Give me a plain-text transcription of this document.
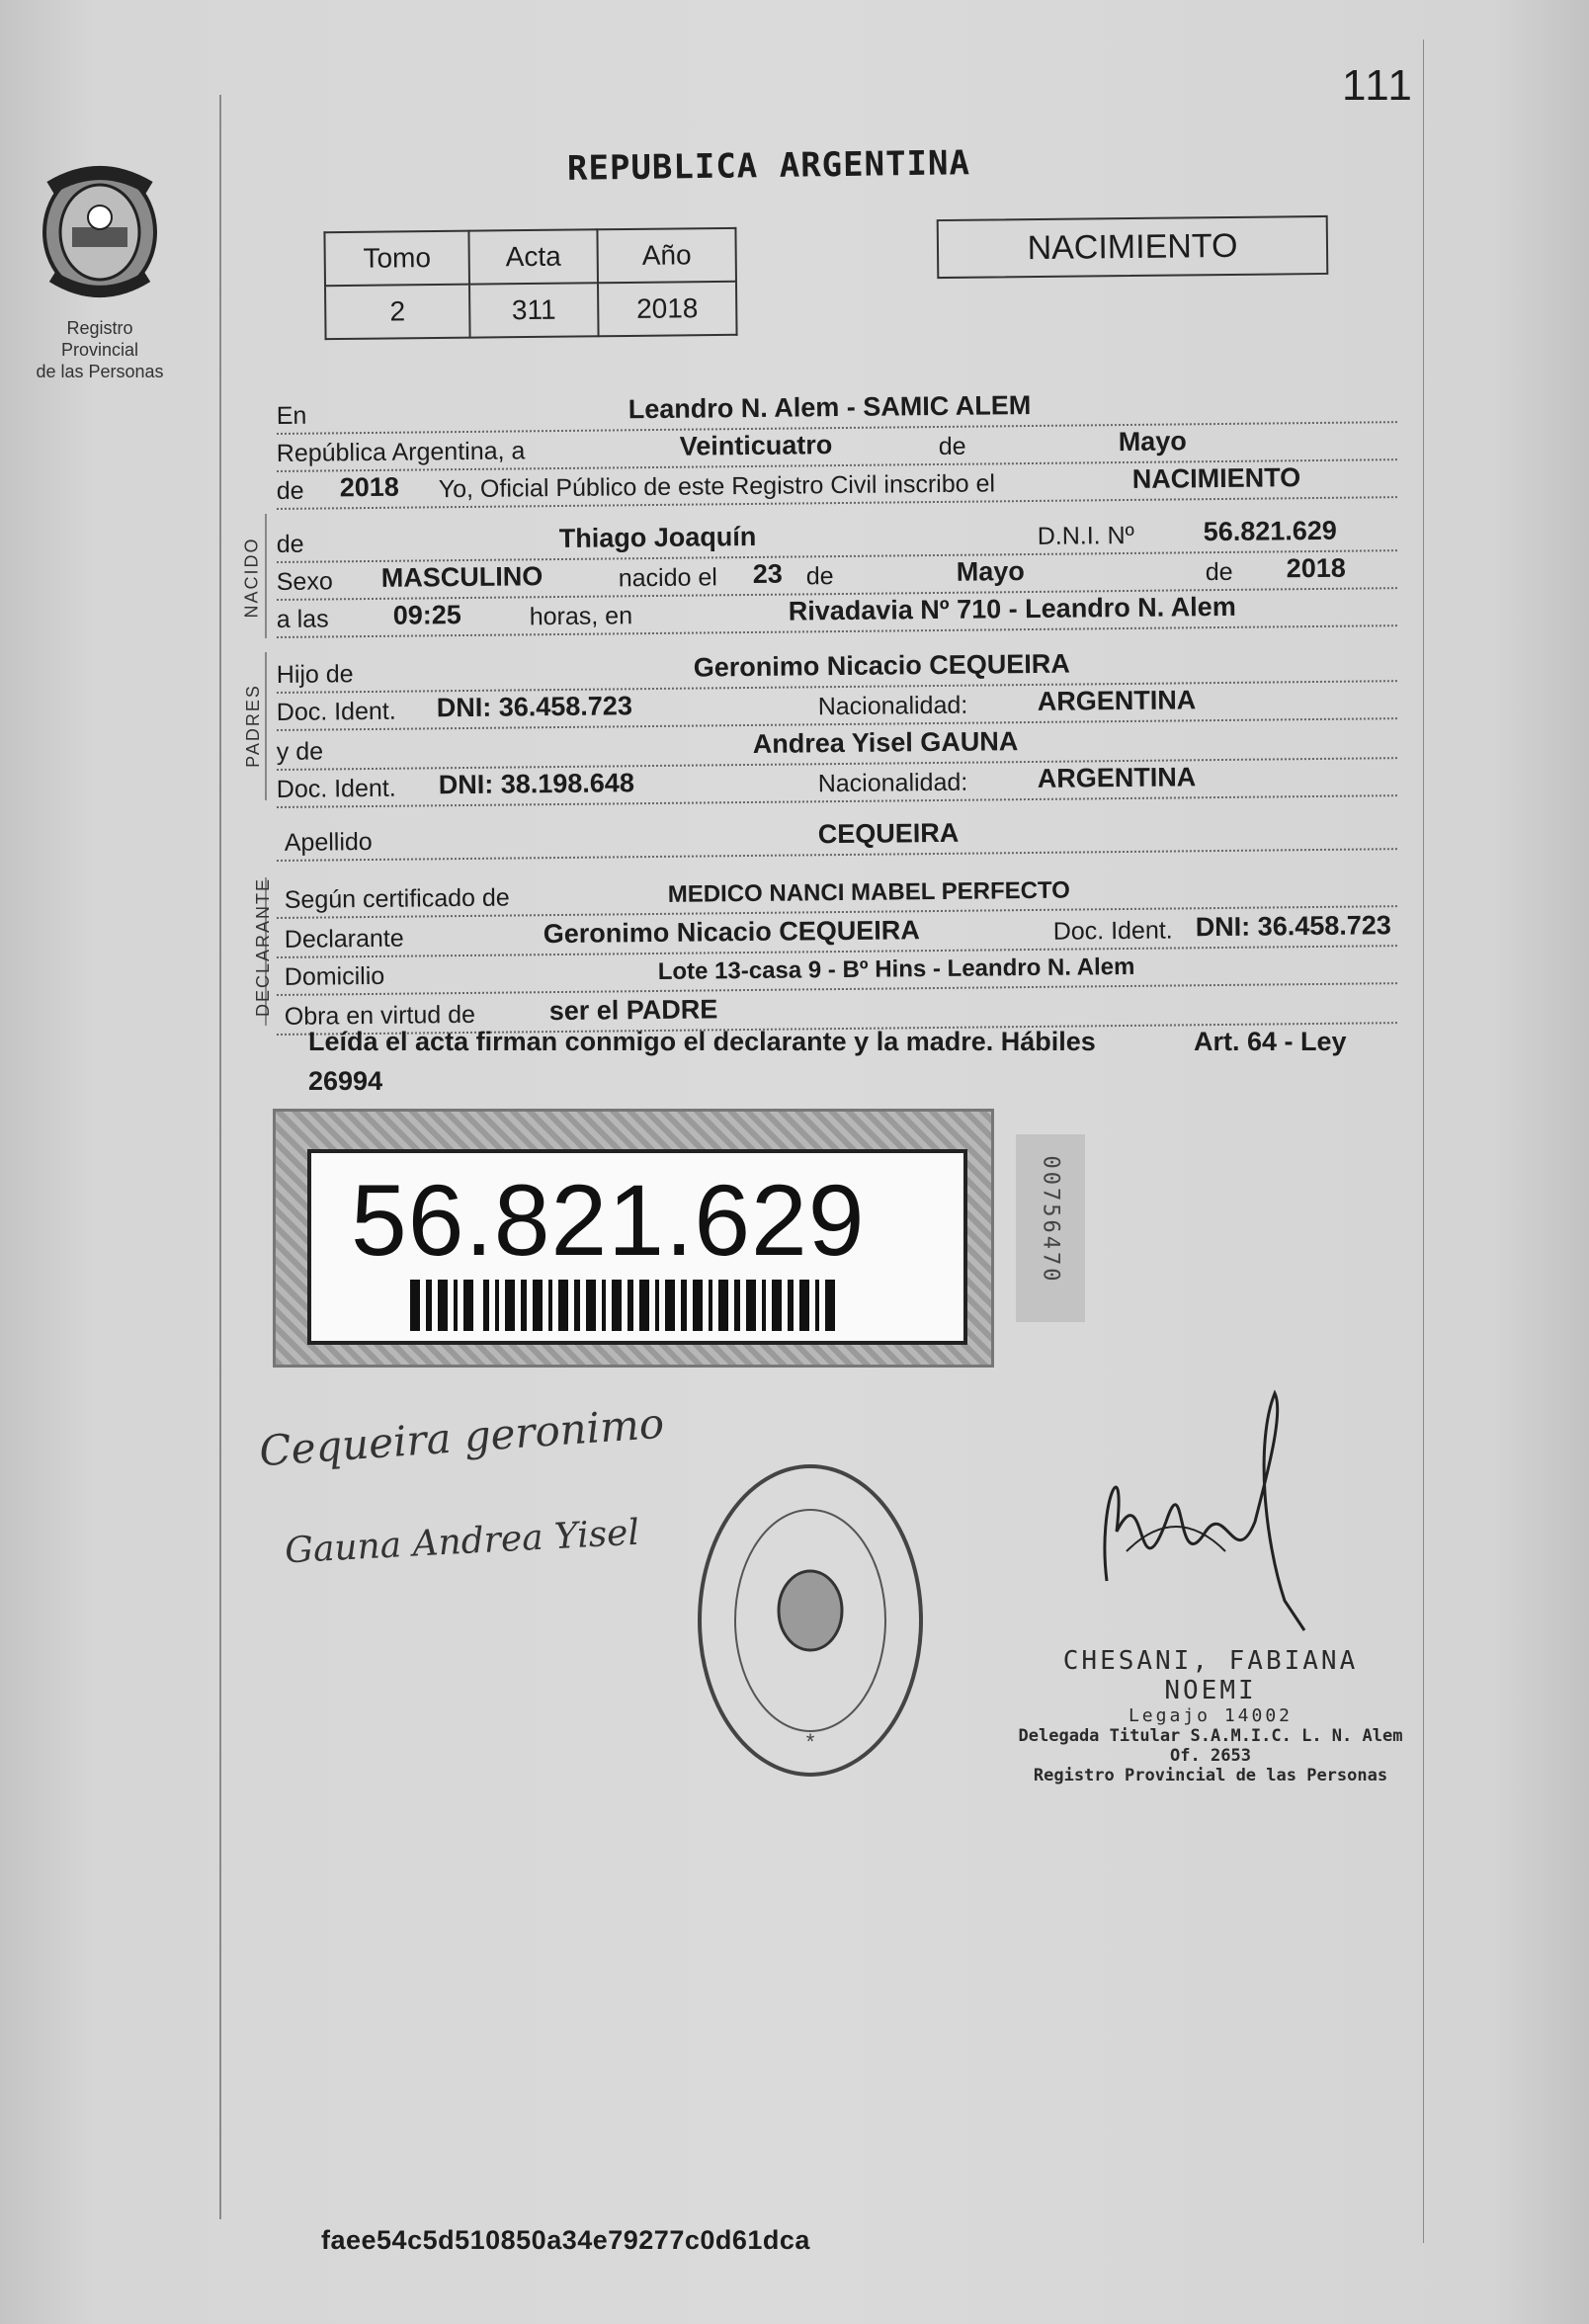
111
Registro Provincial
de las Personas
REPUBLICA ARGENTINA
Tomo	Acta	Año
2	311	2018
NACIMIENTO
En	Leandro N. Alem - SAMIC ALEM
República Argentina, a	Veinticuatro	de	Mayo
de 2018 Yo, Oficial Público de este Registro Civil inscribo el	NACIMIENTO
NACIDO de	Thiago Joaquín	D.N.I. Nº	56.821.629
Sexo MASCULINO	nacido el 23 de	Mayo	de 2018
a las 09:25	horas, en	Rivadavia Nº 710 - Leandro N. Alem
PADRES
Hijo de	Geronimo Nicacio CEQUEIRA
Doc. Ident. DNI: 36.458.723	Nacionalidad:	ARGENTINA
y de	Andrea Yisel GAUNA
Doc. Ident. DNI: 38.198.648	Nacionalidad:	ARGENTINA
Apellido	CEQUEIRA
DECLARANTE Según certificado de	MEDICO NANCI MABEL PERFECTO
Declarante	Geronimo Nicacio CEQUEIRA	Doc. Ident. DNI: 36.458.723
Domicilio	Lote 13-casa 9 - Bº Hins - Leandro N. Alem
Obra en virtud de	ser el PADRE
Leída el acta firman conmigo el declarante y la madre. Hábiles
26994
Art. 64 - Ley
56.821.629	00756470
Cequeira geronimo
Gauna Andrea Yisel
*
CHESANI, FABIANA NOEMI
Legajo 14002
Delegada Titular S.A.M.I.C. L. N. Alem Of. 2653
Registro Provincial de las Personas
faee54c5d510850a34e79277c0d61dca
